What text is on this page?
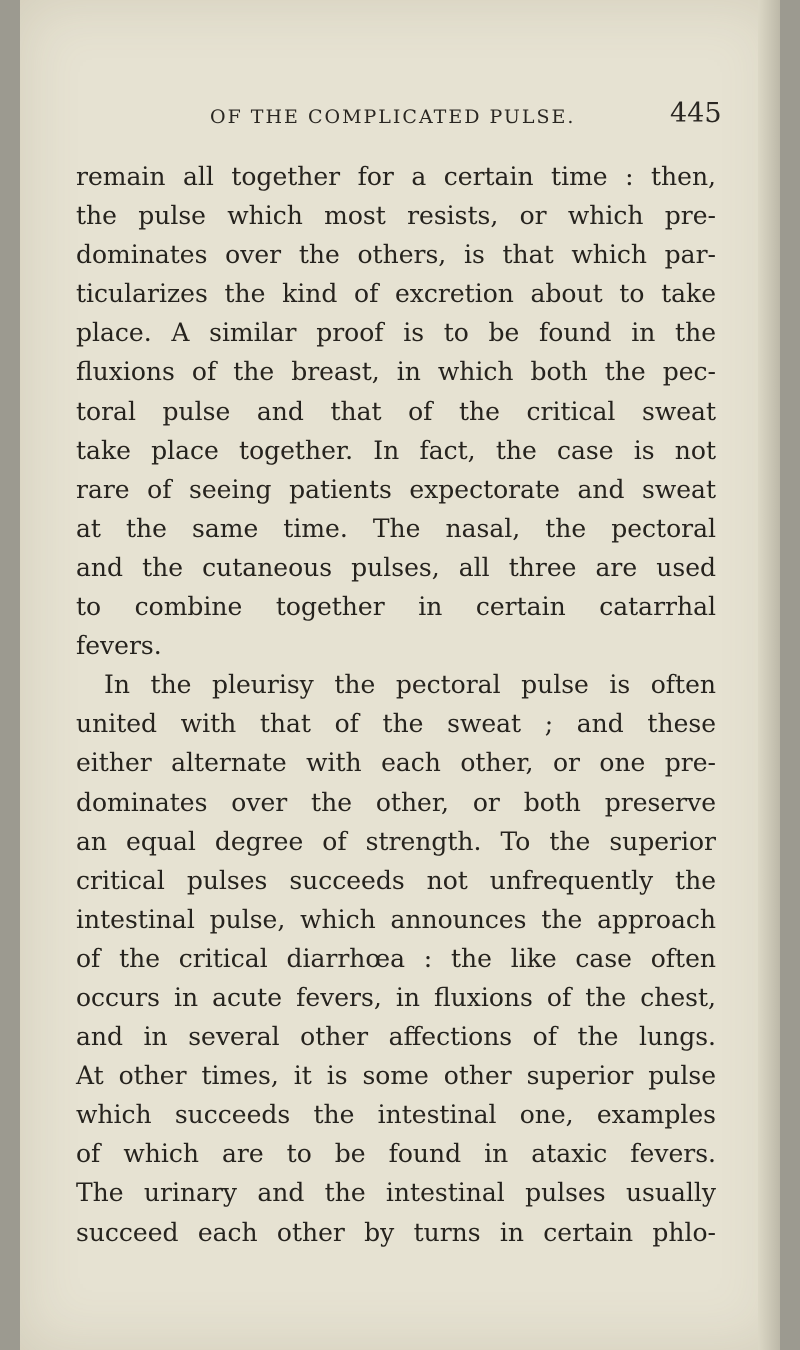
OF THE COMPLICATED PULSE.	445
remain all together for a certain time : then,
the pulse which most resists, or which pre-
dominates over the others, is that which par-
ticularizes the kind of excretion about to take
place. A similar proof is to be found in the
fluxions of the breast, in which both the pec-
toral pulse and that of the critical sweat
take place together. In fact, the case is not
rare of seeing patients expectorate and sweat
at the same time. The nasal, the pectoral
and the cutaneous pulses, all three are used
to combine together in certain catarrhal
fevers.
In the pleurisy the pectoral pulse is often
united with that of the sweat ; and these
either alternate with each other, or one pre-
dominates over the other, or both preserve
an equal degree of strength. To the superior
critical pulses succeeds not unfrequently the
intestinal pulse, which announces the approach
of the critical diarrhœa : the like case often
occurs in acute fevers, in fluxions of the chest,
and in several other affections of the lungs.
At other times, it is some other superior pulse
which succeeds the intestinal one, examples
of which are to be found in ataxic fevers.
The urinary and the intestinal pulses usually
succeed each other by turns in certain phlo-
